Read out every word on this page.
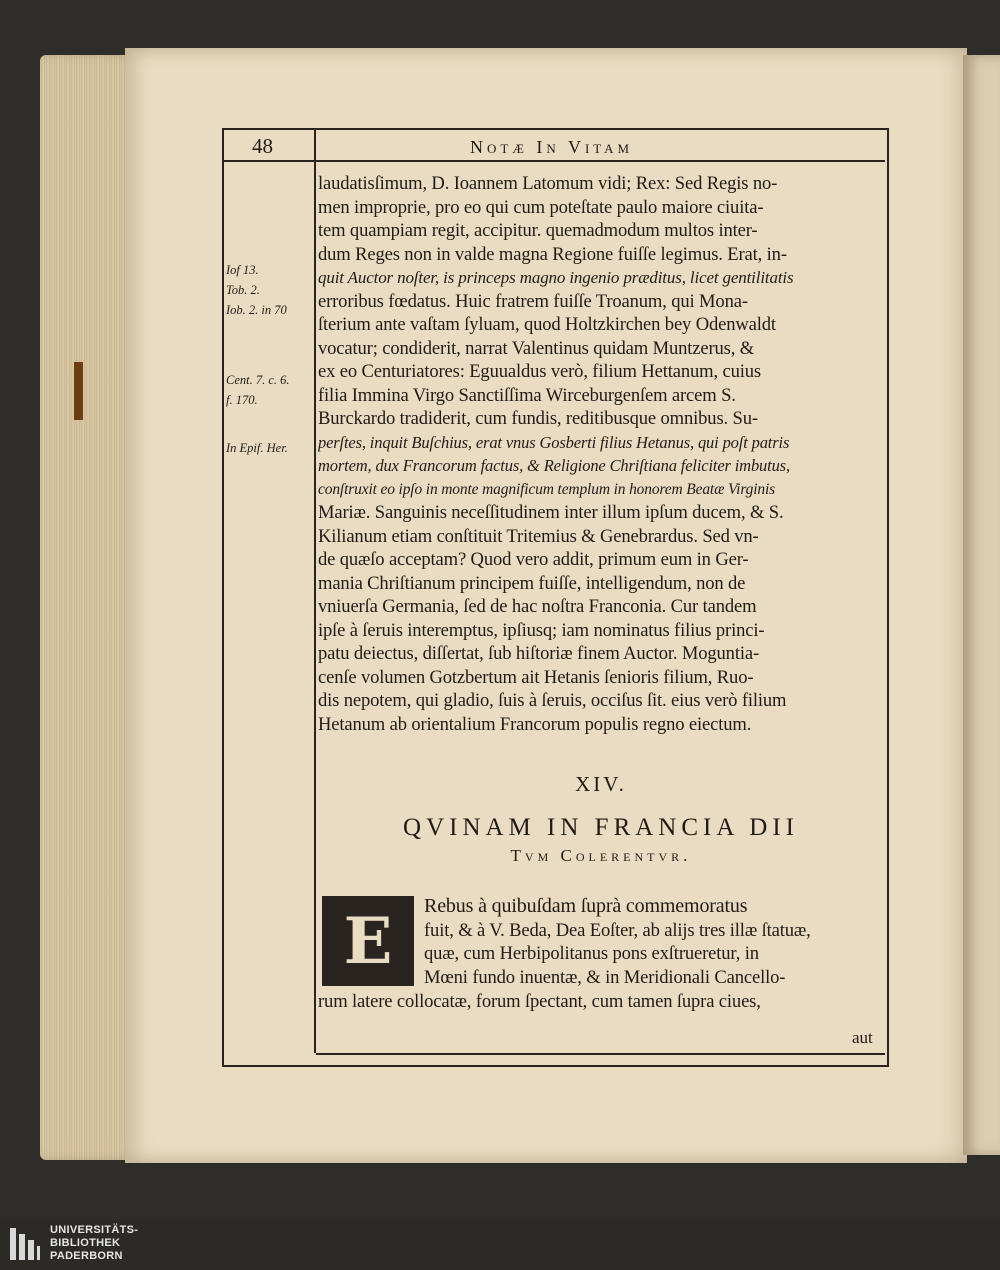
48	Notæ In Vitam
Iof 13.
Tob. 2.
Iob. 2. in 70
Cent. 7. c. 6.
f. 170.
In Epif. Her.
laudatisſimum, D. Ioannem Latomum vidi; Rex: Sed Regis no-
men improprie, pro eo qui cum poteſtate paulo maiore ciuita-
tem quampiam regit, accipitur. quemadmodum multos inter-
dum Reges non in valde magna Regione fuiſſe legimus. Erat, in-
quit Auctor noſter, is princeps magno ingenio præditus, licet gentilitatis
erroribus fœdatus. Huic fratrem fuiſſe Troanum, qui Mona-
ſterium ante vaſtam ſyluam, quod Holtzkirchen bey Odenwaldt
vocatur; condiderit, narrat Valentinus quidam Muntzerus, &
ex eo Centuriatores: Eguualdus verò, filium Hettanum, cuius
filia Immina Virgo Sanctiſſima Wirceburgenſem arcem S.
Burckardo tradiderit, cum fundis, reditibusque omnibus. Su-
perſtes, inquit Buſchius, erat vnus Gosberti filius Hetanus, qui poſt patris
mortem, dux Francorum factus, & Religione Chriſtiana feliciter imbutus,
conſtruxit eo ipſo in monte magnificum templum in honorem Beatæ Virginis
Mariæ. Sanguinis neceſſitudinem inter illum ipſum ducem, & S.
Kilianum etiam conſtituit Tritemius & Genebrardus. Sed vn-
de quæſo acceptam? Quod vero addit, primum eum in Ger-
mania Chriſtianum principem fuiſſe, intelligendum, non de
vniuerſa Germania, ſed de hac noſtra Franconia. Cur tandem
ipſe à ſeruis interemptus, ipſiusq; iam nominatus filius princi-
patu deiectus, diſſertat, ſub hiſtoriæ finem Auctor. Moguntia-
cenſe volumen Gotzbertum ait Hetanis ſenioris filium, Ruo-
dis nepotem, qui gladio, ſuis à ſeruis, occiſus ſit. eius verò filium
Hetanum ab orientalium Francorum populis regno eiectum.
XIV.
QVINAM IN FRANCIA DII
Tvm Colerentvr.
E	Rebus à quibuſdam ſuprà commemoratus
fuit, & à V. Beda, Dea Eoſter, ab alijs tres illæ ſtatuæ,
quæ, cum Herbipolitanus pons exſtrueretur, in
Mœni fundo inuentæ, & in Meridionali Cancello-
rum latere collocatæ, forum ſpectant, cum tamen ſupra ciues,
aut
UNIVERSITÄTS-
BIBLIOTHEK
PADERBORN
